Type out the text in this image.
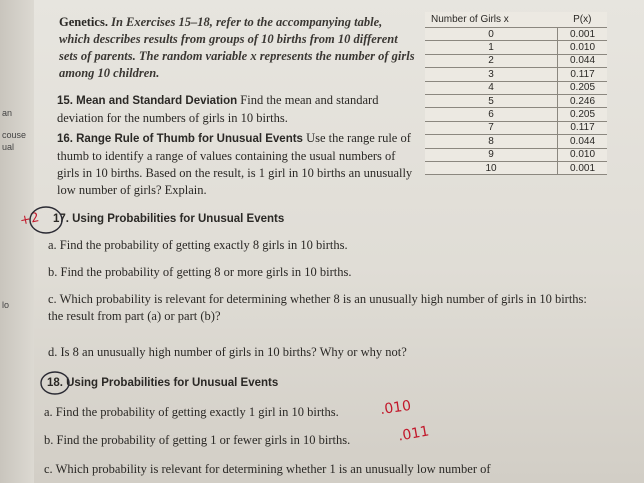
an
couse
ual
lo
Genetics. In Exercises 15–18, refer to the accompanying table, which describes results from groups of 10 births from 10 different sets of parents. The random variable x represents the number of girls among 10 children.
Number of Girls x	P(x)
0	0.001
1	0.010
2	0.044
3	0.117
4	0.205
5	0.246
6	0.205
7	0.117
8	0.044
9	0.010
10	0.001
15. Mean and Standard Deviation Find the mean and standard deviation for the numbers of girls in 10 births.
16. Range Rule of Thumb for Unusual Events Use the range rule of thumb to identify a range of values containing the usual numbers of girls in 10 births. Based on the result, is 1 girl in 10 births an unusually low number of girls? Explain.
17. Using Probabilities for Unusual Events
a. Find the probability of getting exactly 8 girls in 10 births.
b. Find the probability of getting 8 or more girls in 10 births.
c. Which probability is relevant for determining whether 8 is an unusually high number of girls in 10 births: the result from part (a) or part (b)?
d. Is 8 an unusually high number of girls in 10 births? Why or why not?
18. Using Probabilities for Unusual Events
a. Find the probability of getting exactly 1 girl in 10 births.
b. Find the probability of getting 1 or fewer girls in 10 births.
c. Which probability is relevant for determining whether 1 is an unusually low number of
+2
.010
.011
